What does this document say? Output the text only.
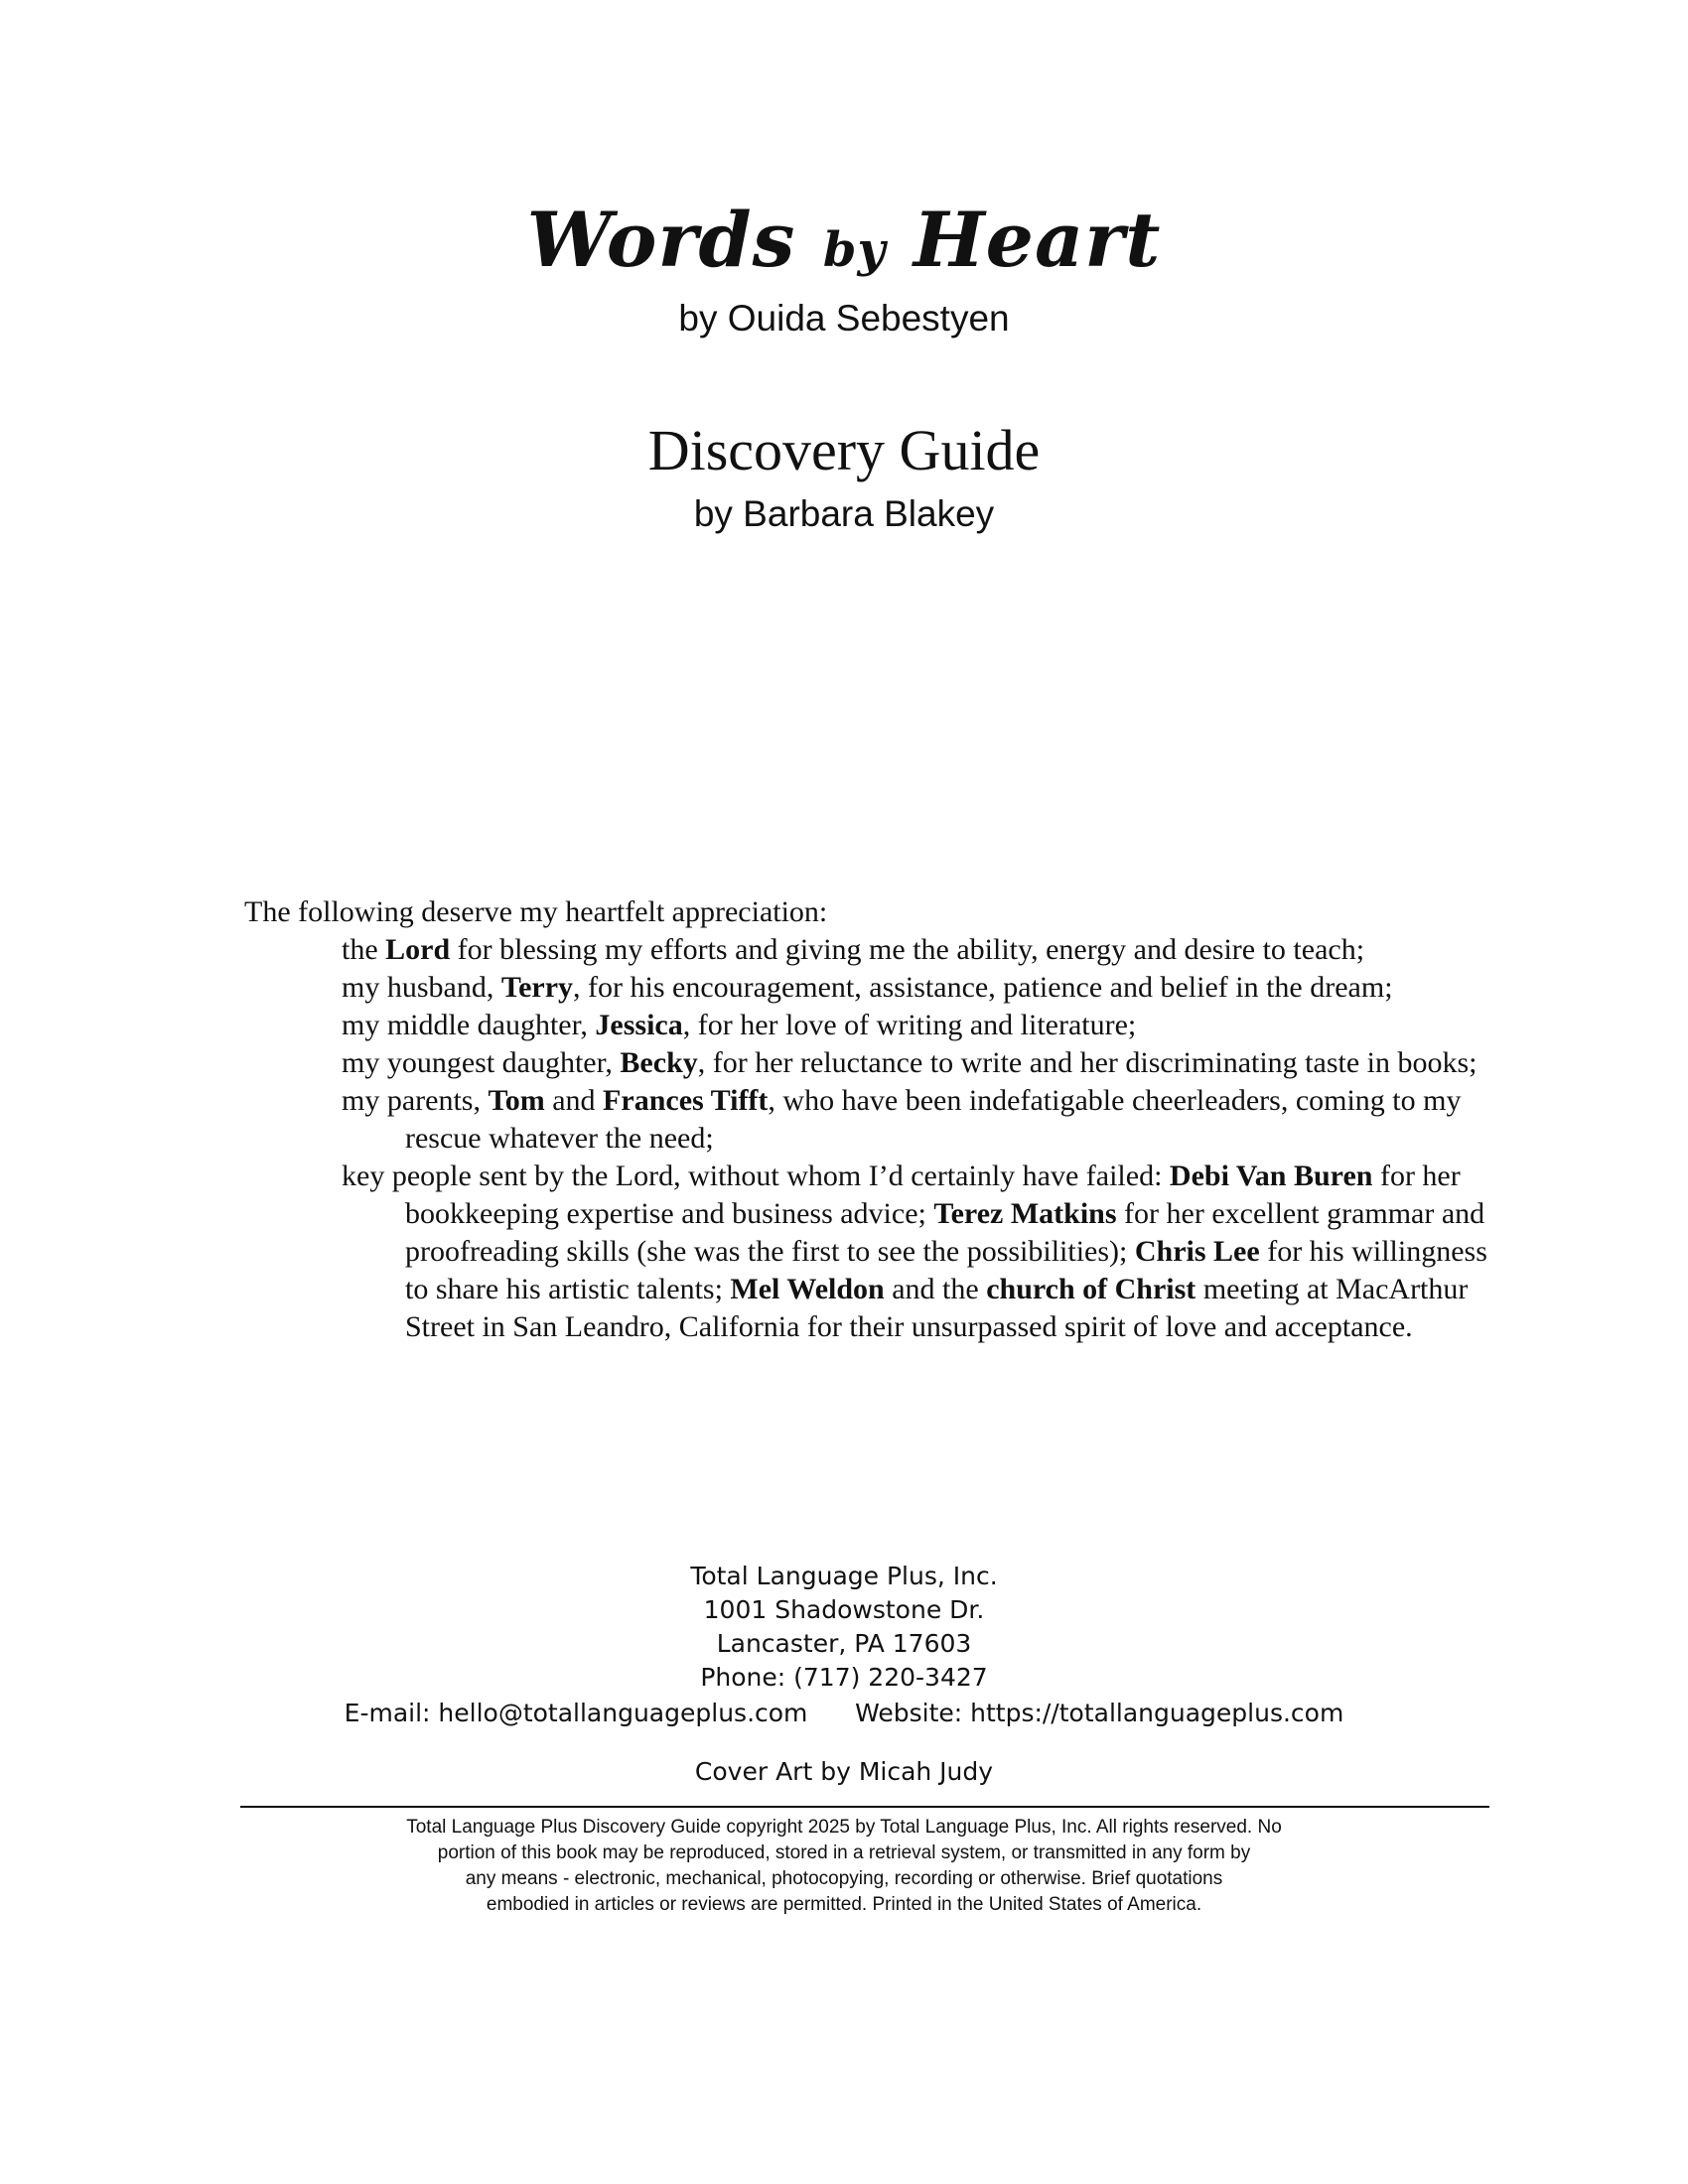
Words by Heart
by Ouida Sebestyen
Discovery Guide
by Barbara Blakey

The following deserve my heartfelt appreciation:

the Lord for blessing my efforts and giving me the ability, energy and desire to teach;

my husband, Terry, for his encouragement, assistance, patience and belief in the dream;

my middle daughter, Jessica, for her love of writing and literature;

my youngest daughter, Becky, for her reluctance to write and her discriminating taste in books;

my parents, Tom and Frances Tifft, who have been indefatigable cheerleaders, coming to my rescue whatever the need;

key people sent by the Lord, without whom I’d certainly have failed: Debi Van Buren for her bookkeeping expertise and business advice; Terez Matkins for her excellent grammar and proofreading skills (she was the first to see the possibilities); Chris Lee for his willingness to share his artistic talents; Mel Weldon and the church of Christ meeting at MacArthur Street in San Leandro, California for their unsurpassed spirit of love and acceptance.

Total Language Plus, Inc.
1001 Shadowstone Dr.
Lancaster, PA 17603
Phone: (717) 220-3427
E-mail: hello@totallanguageplus.com Website: https://totallanguageplus.com
Cover Art by Micah Judy
Total Language Plus Discovery Guide copyright 2025 by Total Language Plus, Inc. All rights reserved. No
portion of this book may be reproduced, stored in a retrieval system, or transmitted in any form by
any means - electronic, mechanical, photocopying, recording or otherwise. Brief quotations
embodied in articles or reviews are permitted. Printed in the United States of America.
